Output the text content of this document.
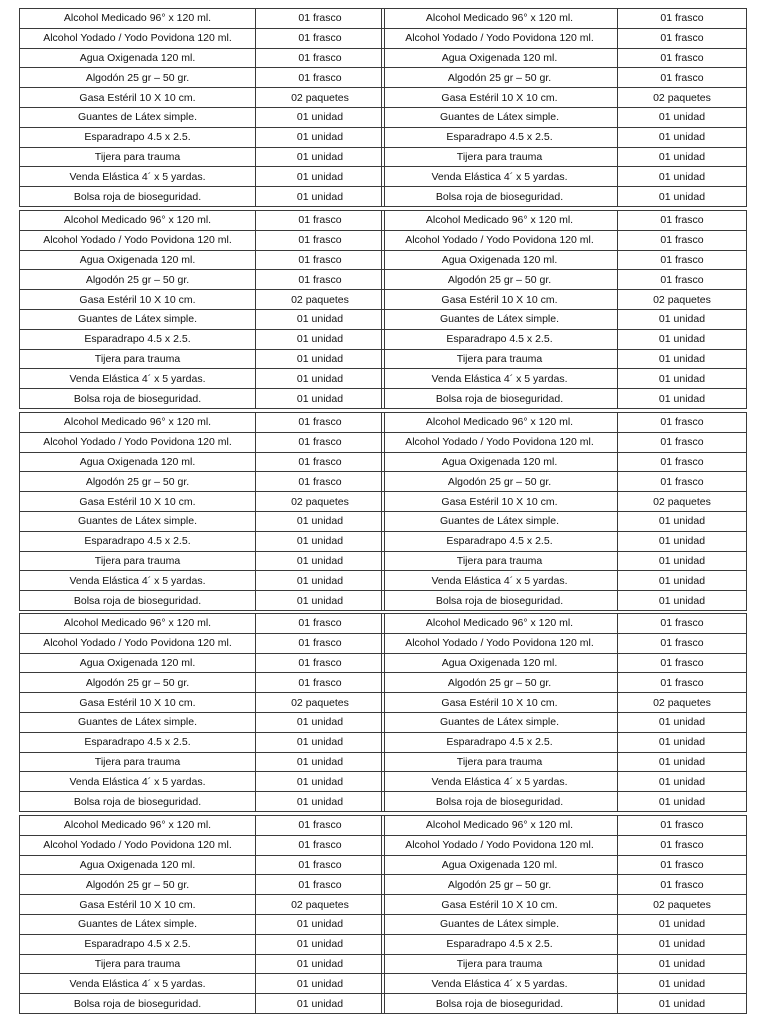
Alcohol Medicado 96° x 120 ml.	01 frasco
Alcohol Yodado / Yodo Povidona 120 ml.	01 frasco
Agua Oxigenada 120 ml.	01 frasco
Algodón 25 gr – 50 gr.	01 frasco
Gasa Estéril 10 X 10 cm.	02 paquetes
Guantes de Látex simple.	01 unidad
Esparadrapo 4.5 x 2.5.	01 unidad
Tijera para trauma	01 unidad
Venda Elástica 4´ x 5 yardas.	01 unidad
Bolsa roja de bioseguridad.	01 unidad
Alcohol Medicado 96° x 120 ml.	01 frasco
Alcohol Yodado / Yodo Povidona 120 ml.	01 frasco
Agua Oxigenada 120 ml.	01 frasco
Algodón 25 gr – 50 gr.	01 frasco
Gasa Estéril 10 X 10 cm.	02 paquetes
Guantes de Látex simple.	01 unidad
Esparadrapo 4.5 x 2.5.	01 unidad
Tijera para trauma	01 unidad
Venda Elástica 4´ x 5 yardas.	01 unidad
Bolsa roja de bioseguridad.	01 unidad
Alcohol Medicado 96° x 120 ml.	01 frasco
Alcohol Yodado / Yodo Povidona 120 ml.	01 frasco
Agua Oxigenada 120 ml.	01 frasco
Algodón 25 gr – 50 gr.	01 frasco
Gasa Estéril 10 X 10 cm.	02 paquetes
Guantes de Látex simple.	01 unidad
Esparadrapo 4.5 x 2.5.	01 unidad
Tijera para trauma	01 unidad
Venda Elástica 4´ x 5 yardas.	01 unidad
Bolsa roja de bioseguridad.	01 unidad
Alcohol Medicado 96° x 120 ml.	01 frasco
Alcohol Yodado / Yodo Povidona 120 ml.	01 frasco
Agua Oxigenada 120 ml.	01 frasco
Algodón 25 gr – 50 gr.	01 frasco
Gasa Estéril 10 X 10 cm.	02 paquetes
Guantes de Látex simple.	01 unidad
Esparadrapo 4.5 x 2.5.	01 unidad
Tijera para trauma	01 unidad
Venda Elástica 4´ x 5 yardas.	01 unidad
Bolsa roja de bioseguridad.	01 unidad
Alcohol Medicado 96° x 120 ml.	01 frasco
Alcohol Yodado / Yodo Povidona 120 ml.	01 frasco
Agua Oxigenada 120 ml.	01 frasco
Algodón 25 gr – 50 gr.	01 frasco
Gasa Estéril 10 X 10 cm.	02 paquetes
Guantes de Látex simple.	01 unidad
Esparadrapo 4.5 x 2.5.	01 unidad
Tijera para trauma	01 unidad
Venda Elástica 4´ x 5 yardas.	01 unidad
Bolsa roja de bioseguridad.	01 unidad
Alcohol Medicado 96° x 120 ml.	01 frasco
Alcohol Yodado / Yodo Povidona 120 ml.	01 frasco
Agua Oxigenada 120 ml.	01 frasco
Algodón 25 gr – 50 gr.	01 frasco
Gasa Estéril 10 X 10 cm.	02 paquetes
Guantes de Látex simple.	01 unidad
Esparadrapo 4.5 x 2.5.	01 unidad
Tijera para trauma	01 unidad
Venda Elástica 4´ x 5 yardas.	01 unidad
Bolsa roja de bioseguridad.	01 unidad
Alcohol Medicado 96° x 120 ml.	01 frasco
Alcohol Yodado / Yodo Povidona 120 ml.	01 frasco
Agua Oxigenada 120 ml.	01 frasco
Algodón 25 gr – 50 gr.	01 frasco
Gasa Estéril 10 X 10 cm.	02 paquetes
Guantes de Látex simple.	01 unidad
Esparadrapo 4.5 x 2.5.	01 unidad
Tijera para trauma	01 unidad
Venda Elástica 4´ x 5 yardas.	01 unidad
Bolsa roja de bioseguridad.	01 unidad
Alcohol Medicado 96° x 120 ml.	01 frasco
Alcohol Yodado / Yodo Povidona 120 ml.	01 frasco
Agua Oxigenada 120 ml.	01 frasco
Algodón 25 gr – 50 gr.	01 frasco
Gasa Estéril 10 X 10 cm.	02 paquetes
Guantes de Látex simple.	01 unidad
Esparadrapo 4.5 x 2.5.	01 unidad
Tijera para trauma	01 unidad
Venda Elástica 4´ x 5 yardas.	01 unidad
Bolsa roja de bioseguridad.	01 unidad
Alcohol Medicado 96° x 120 ml.	01 frasco
Alcohol Yodado / Yodo Povidona 120 ml.	01 frasco
Agua Oxigenada 120 ml.	01 frasco
Algodón 25 gr – 50 gr.	01 frasco
Gasa Estéril 10 X 10 cm.	02 paquetes
Guantes de Látex simple.	01 unidad
Esparadrapo 4.5 x 2.5.	01 unidad
Tijera para trauma	01 unidad
Venda Elástica 4´ x 5 yardas.	01 unidad
Bolsa roja de bioseguridad.	01 unidad
Alcohol Medicado 96° x 120 ml.	01 frasco
Alcohol Yodado / Yodo Povidona 120 ml.	01 frasco
Agua Oxigenada 120 ml.	01 frasco
Algodón 25 gr – 50 gr.	01 frasco
Gasa Estéril 10 X 10 cm.	02 paquetes
Guantes de Látex simple.	01 unidad
Esparadrapo 4.5 x 2.5.	01 unidad
Tijera para trauma	01 unidad
Venda Elástica 4´ x 5 yardas.	01 unidad
Bolsa roja de bioseguridad.	01 unidad
